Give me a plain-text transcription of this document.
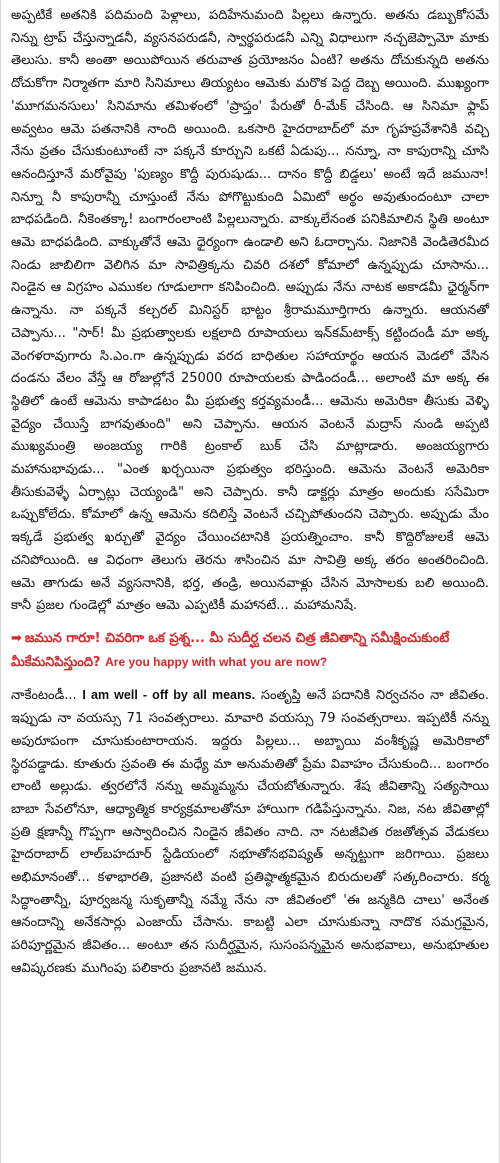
అప్పటికే అతనికి పదిమంది పెళ్లాలు, పదిహేనుమంది పిల్లలు ఉన్నారు. అతను డబ్బుకోసమే నిన్ను ట్రాప్ చేస్తున్నాడనీ, వ్యసనపరుడనీ, స్వార్థపరుడనీ ఎన్ని విధాలుగా నచ్చజెప్పామో మాకు తెలుసు. కానీ అంతా అయిపోయిన తరువాత ప్రయోజనం ఏంటి? అతను దోచుకున్నది అతను దోచుకోగా నిర్మాతగా మారి సినిమాలు తియ్యటం ఆమెకు మరొక పెద్ద దెబ్బ అయింది. ముఖ్యంగా 'మూగమనసులు' సినిమాను తమిళంలో 'ప్రాప్తం' పేరుతో రీ-మేక్ చేసింది. ఆ సినిమా ఫ్లాప్ అవ్వటం ఆమె పతనానికి నాంది అయింది. ఒకసారి హైదరాబాద్‌లో మా గృహప్రవేశానికి వచ్చి నేను వ్రతం చేసుకుంటూంటే నా పక్కనే కూర్చుని ఒకటే ఏడుపు... నన్నూ, నా కాపురాన్ని చూసి ఆనందిస్తూనే మరోవైపు 'పుణ్యం కొద్దీ పురుషుడు... దానం కొద్దీ బిడ్డలు' అంటే ఇదే జమునా! నిన్నూ నీ కాపురాన్నీ చూస్తుంటే నేను పోగొట్టుకుంది ఏమిటో అర్థం అవుతుందంటూ చాలా బాధపడింది. నీకెంతక్కా! బంగారంలాంటి పిల్లలున్నారు. వాక్కులేనంత పనికిమాలిన స్థితి అంటూ ఆమె బాధపడింది. వాక్కుతోనే ఆమె ధైర్యంగా ఉండాలి అని ఓదార్చాను. నిజానికి వెండితెరమీద నిండు జాబిలిగా వెలిగిన మా సావిత్రిక్కను చివరి దశలో కోమాలో ఉన్నప్పుడు చూసాను... నిండైన ఆ విగ్రహం ఎముకల గూడులాగా కనిపించింది. అప్పుడు నేను నాటక అకాడమీ ఛైర్మన్‌గా ఉన్నాను. నా పక్కనే కల్చరల్ మినిస్టర్ భాట్టం శ్రీరామమూర్తిగారు ఉన్నారు. ఆయనతో చెప్పాను... "సార్! మీ ప్రభుత్వాలకు లక్షలాది రూపాయలు ఇన్‌కమ్‌టాక్స్ కట్టిందండీ మా అక్క వెంగళరావుగారు సి.ఎం.గా ఉన్నప్పుడు వరద బాధితుల సహాయార్థం ఆయన మెడలో వేసిన దండను వేలం వేస్తే ఆ రోజుల్లోనే 25000 రూపాయలకు పాడిందండీ... అలాంటి మా అక్క ఈ స్థితిలో ఉంటే ఆమెను కాపాడటం మీ ప్రభుత్వ కర్తవ్యమండీ... ఆమెను అమెరికా తీసుకు వెళ్ళి వైద్యం చేయిస్తే బాగవుతుంది" అని చెప్పాను. ఆయన వెంటనే మద్రాస్ నుండి అప్పటి ముఖ్యమంత్రి అంజయ్య గారికి ట్రంకాల్ బుక్ చేసి మాట్లాడారు. అంజయ్యగారు మహానుభావుడు... "ఎంత ఖర్చయినా ప్రభుత్వం భరిస్తుంది. ఆమెను వెంటనే అమెరికా తీసుకువెళ్ళే ఏర్పాట్లు చెయ్యండి" అని చెప్పారు. కానీ డాక్టర్లు మాత్రం అందుకు ససేమిరా ఒప్పుకోలేదు. కోమాలో ఉన్న ఆమెను కదిలిస్తే వెంటనే చచ్చిపోతుందని చెప్పారు. అప్పుడు మేం ఇక్కడే ప్రభుత్వ ఖర్చుతో వైద్యం చేయించటానికి ప్రయత్నించాం. కానీ కొద్దిరోజులకే ఆమె చనిపోయింది. ఆ విధంగా తెలుగు తెరను శాసించిన మా సావిత్రి అక్క తరం అంతరించింది. ఆమె తాగుడు అనే వ్యసనానికి, భర్త, తండ్రి, అయినవాళ్లు చేసిన మోసాలకు బలి అయింది. కానీ ప్రజల గుండెల్లో మాత్రం ఆమె ఎప్పటికీ మహానటే... మహామనిషే.

➡ జమున గారూ! చివరిగా ఒక ప్రశ్న... మీ సుదీర్ఘ చలన చిత్ర జీవితాన్ని సమీక్షించుకుంటే మీకేమనిపిస్తుంది? Are you happy with what you are now?

నాకేంటండీ... I am well - off by all means. సంతృప్తి అనే పదానికి నిర్వచనం నా జీవితం. ఇప్పుడు నా వయస్సు 71 సంవత్సరాలు. మావారి వయస్సు 79 సంవత్సరాలు. ఇప్పటికీ నన్ను అపురూపంగా చూసుకుంటారాయన. ఇద్దరు పిల్లలు... అబ్బాయి వంశీకృష్ణ అమెరికాలో స్థిరపడ్డాడు. కూతురు స్రవంతి ఈ మధ్యే మా అనుమతితో ప్రేమ వివాహం చేసుకుంది... బంగారం లాంటి అల్లుడు. త్వరలోనే నన్ను అమ్మమ్మను చేయబోతున్నారు. శేష జీవితాన్ని సత్యసాయి బాబా సేవలోనూ, ఆధ్యాత్మిక కార్యక్రమాలతోనూ హాయిగా గడిపేస్తున్నాను. నిజ, నట జీవితాల్లో ప్రతి క్షణాన్నీ గొప్పగా ఆస్వాదించిన నిండైన జీవితం నాది. నా నటజీవిత రజతోత్సవ వేడుకలు హైదరాబాద్ లాల్‌బహదూర్ స్టేడియంలో నభూతోనభవిష్యత్ అన్నట్టుగా జరిగాయి. ప్రజలు అభిమానంతో... కళాభారతి, ప్రజానటి వంటి ప్రతిష్ఠాత్మకమైన బిరుదులతో సత్కరించారు. కర్మ సిద్ధాంతాన్నీ, పూర్వజన్మ సుకృతాన్నీ నమ్మే నేను నా జీవితంలో 'ఈ జన్మకిది చాలు' అనేంత ఆనందాన్ని అనేకసార్లు ఎంజాయ్ చేసాను. కాబట్టి ఎలా చూసుకున్నా నాదొక సమగ్రమైన, పరిపూర్ణమైన జీవితం... అంటూ తన సుదీర్ఘమైన, సుసంపన్నమైన అనుభవాలు, అనుభూతుల ఆవిష్కరణకు ముగింపు పలికారు ప్రజానటి జమున.
